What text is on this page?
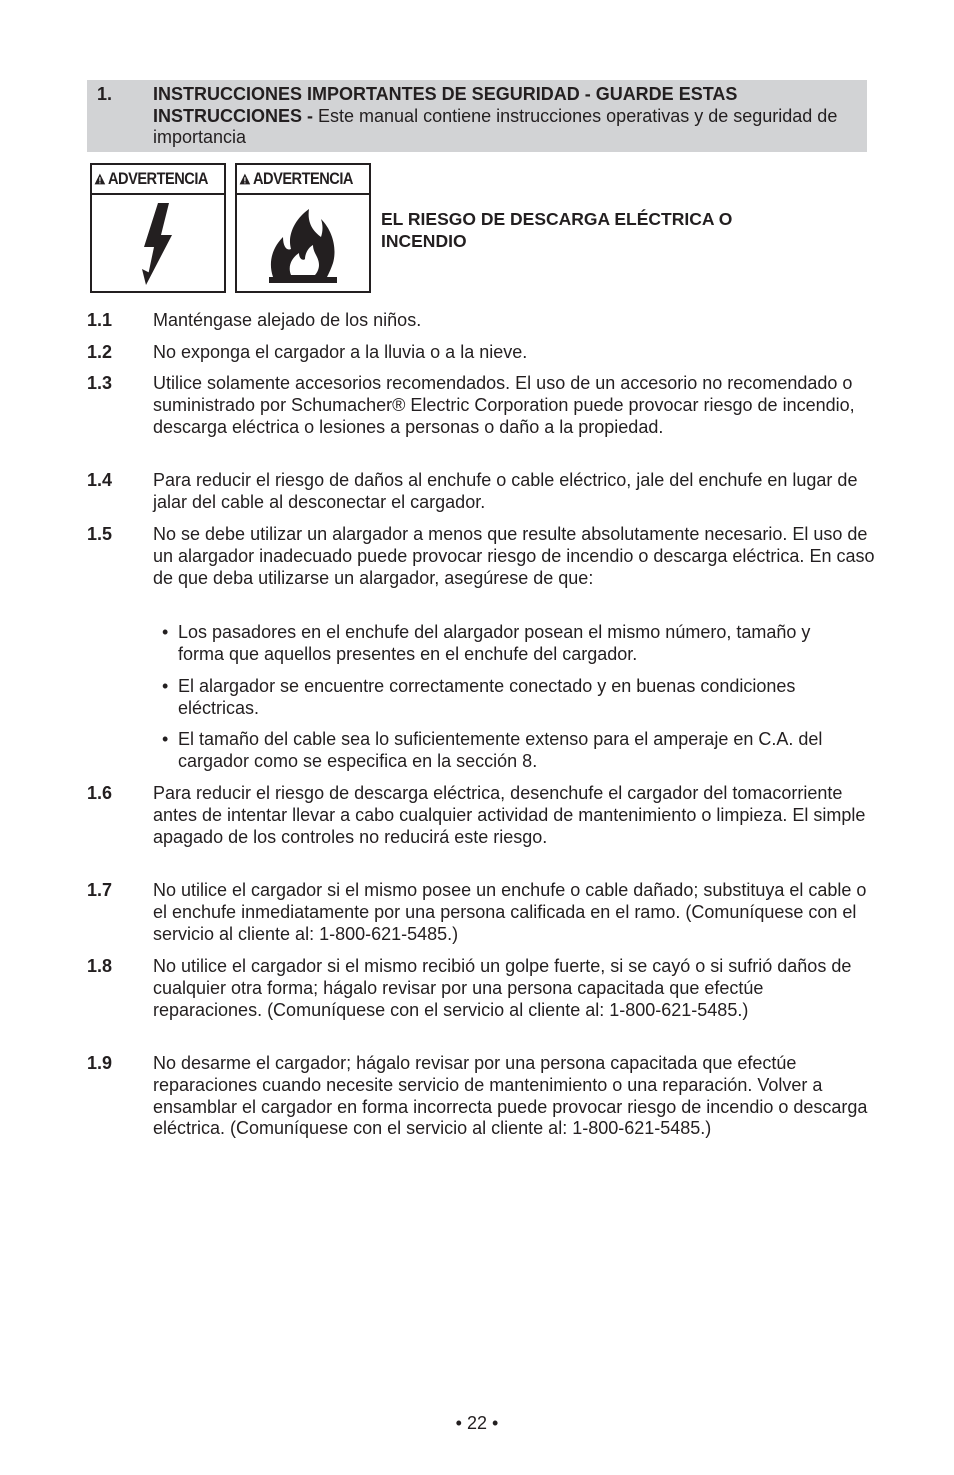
1. INSTRUCCIONES IMPORTANTES DE SEGURIDAD - GUARDE ESTAS INSTRUCCIONES - Este manual contiene instrucciones operativas y de seguridad de importancia
ADVERTENCIA	ADVERTENCIA
EL RIESGO DE DESCARGA ELÉCTRICA O INCENDIO
1.1 Manténgase alejado de los niños.
1.2 No exponga el cargador a la lluvia o a la nieve.
1.3 Utilice solamente accesorios recomendados. El uso de un accesorio no recomendado o suministrado por Schumacher® Electric Corporation puede provocar riesgo de incendio, descarga eléctrica o lesiones a personas o daño a la propiedad.
1.4 Para reducir el riesgo de daños al enchufe o cable eléctrico, jale del enchufe en lugar de jalar del cable al desconectar el cargador.
1.5 No se debe utilizar un alargador a menos que resulte absolutamente necesario. El uso de un alargador inadecuado puede provocar riesgo de incendio o descarga eléctrica. En caso de que deba utilizarse un alargador, asegúrese de que:
• Los pasadores en el enchufe del alargador posean el mismo número, tamaño y forma que aquellos presentes en el enchufe del cargador.
• El alargador se encuentre correctamente conectado y en buenas condiciones eléctricas.
• El tamaño del cable sea lo suficientemente extenso para el amperaje en C.A. del cargador como se especifica en la sección 8.
1.6 Para reducir el riesgo de descarga eléctrica, desenchufe el cargador del tomacorriente antes de intentar llevar a cabo cualquier actividad de mantenimiento o limpieza. El simple apagado de los controles no reducirá este riesgo.
1.7 No utilice el cargador si el mismo posee un enchufe o cable dañado; substituya el cable o el enchufe inmediatamente por una persona calificada en el ramo. (Comuníquese con el servicio al cliente al: 1-800-621-5485.)
1.8 No utilice el cargador si el mismo recibió un golpe fuerte, si se cayó o si sufrió daños de cualquier otra forma; hágalo revisar por una persona capacitada que efectúe reparaciones. (Comuníquese con el servicio al cliente al: 1-800-621-5485.)
1.9 No desarme el cargador; hágalo revisar por una persona capacitada que efectúe reparaciones cuando necesite servicio de mantenimiento o una reparación. Volver a ensamblar el cargador en forma incorrecta puede provocar riesgo de incendio o descarga eléctrica. (Comuníquese con el servicio al cliente al: 1-800-621-5485.)
• 22 •
